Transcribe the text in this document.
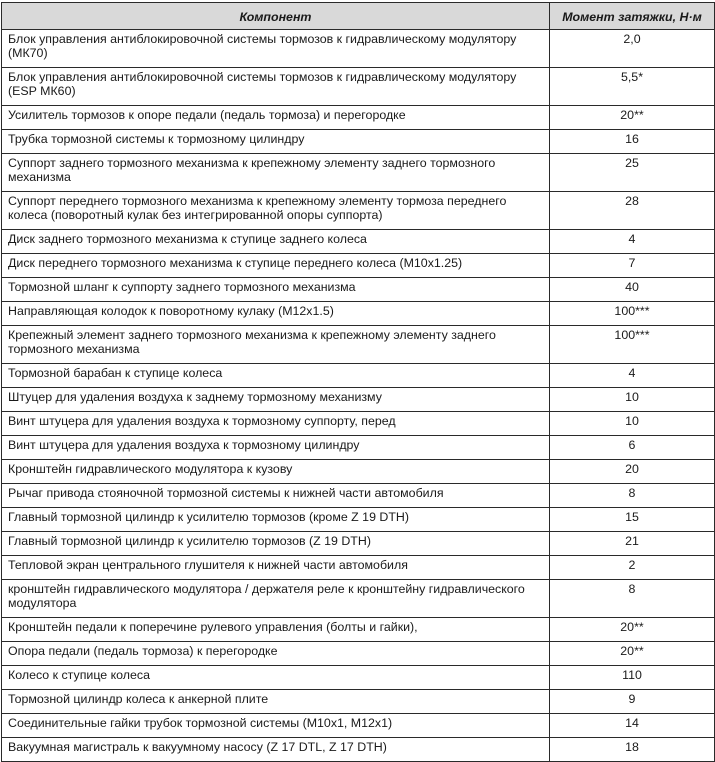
Компонент	Момент затяжки, Н·м
Блок управления антиблокировочной системы тормозов к гидравлическому модулятору (МК70)	2,0
Блок управления антиблокировочной системы тормозов к гидравлическому модулятору (ESP МК60)	5,5*
Усилитель тормозов к опоре педали (педаль тормоза) и перегородке	20**
Трубка тормозной системы к тормозному цилиндру	16
Суппорт заднего тормозного механизма к крепежному элементу заднего тормозного механизма	25
Суппорт переднего тормозного механизма к крепежному элементу тормоза переднего колеса (поворотный кулак без интегрированной опоры суппорта)	28
Диск заднего тормозного механизма к ступице заднего колеса	4
Диск переднего тормозного механизма к ступице переднего колеса (M10x1.25)	7
Тормозной шланг к суппорту заднего тормозного механизма	40
Направляющая колодок к поворотному кулаку (M12x1.5)	100***
Крепежный элемент заднего тормозного механизма к крепежному элементу заднего тормозного механизма	100***
Тормозной барабан к ступице колеса	4
Штуцер для удаления воздуха к заднему тормозному механизму	10
Винт штуцера для удаления воздуха к тормозному суппорту, перед	10
Винт штуцера для удаления воздуха к тормозному цилиндру	6
Кронштейн гидравлического модулятора к кузову	20
Рычаг привода стояночной тормозной системы к нижней части автомобиля	8
Главный тормозной цилиндр к усилителю тормозов (кроме Z 19 DTH)	15
Главный тормозной цилиндр к усилителю тормозов (Z 19 DTH)	21
Тепловой экран центрального глушителя к нижней части автомобиля	2
кронштейн гидравлического модулятора / держателя реле к кронштейну гидравлического модулятора	8
Кронштейн педали к поперечине рулевого управления (болты и гайки),	20**
Опора педали (педаль тормоза) к перегородке	20**
Колесо к ступице колеса	110
Тормозной цилиндр колеса к анкерной плите	9
Соединительные гайки трубок тормозной системы (M10x1, M12x1)	14
Вакуумная магистраль к вакуумному насосу (Z 17 DTL, Z 17 DTH)	18
